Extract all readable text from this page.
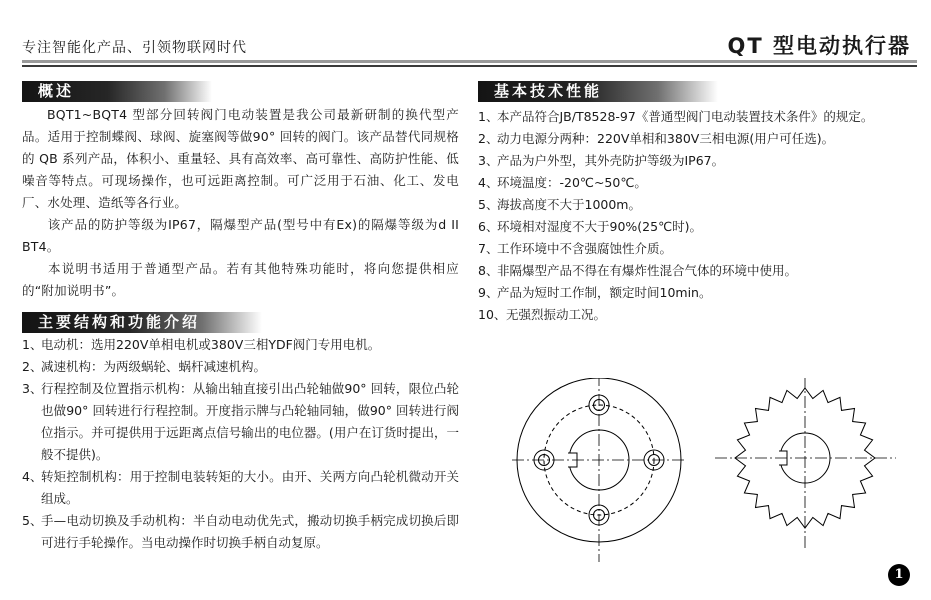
专注智能化产品、引领物联网时代	QT 型电动执行器
概述
BQT1~BQT4 型部分回转阀门电动装置是我公司最新研制的换代型产品。适用于控制蝶阀、球阀、旋塞阀等做90° 回转的阀门。该产品替代同规格的 QB 系列产品，体积小、重量轻、具有高效率、高可靠性、高防护性能、低噪音等特点。可现场操作，也可远距离控制。可广泛用于石油、化工、发电厂、水处理、造纸等各行业。
该产品的防护等级为IP67，隔爆型产品(型号中有Ex)的隔爆等级为d II BT4。
本说明书适用于普通型产品。若有其他特殊功能时，将向您提供相应的“附加说明书”。
主要结构和功能介绍
1、
电动机：选用220V单相电机或380V三相YDF阀门专用电机。
2、
减速机构：为两级蜗轮、蜗杆减速机构。
3、
行程控制及位置指示机构：从输出轴直接引出凸轮轴做90° 回转，限位凸轮也做90° 回转进行行程控制。开度指示牌与凸轮轴同轴，做90° 回转进行阀位指示。并可提供用于远距离点信号输出的电位器。(用户在订货时提出，一般不提供)。
4、
转矩控制机构：用于控制电装转矩的大小。由开、关两方向凸轮机微动开关组成。
5、
手—电动切换及手动机构：半自动电动优先式，搬动切换手柄完成切换后即可进行手轮操作。当电动操作时切换手柄自动复原。
基本技术性能
1、
本产品符合JB/T8528-97《普通型阀门电动装置技术条件》的规定。
2、
动力电源分两种：220V单相和380V三相电源(用户可任选)。
3、
产品为户外型，其外壳防护等级为IP67。
4、
环境温度：-20℃~50℃。
5、
海拔高度不大于1000m。
6、
环境相对湿度不大于90%(25℃时)。
7、
工作环境中不含强腐蚀性介质。
8、
非隔爆型产品不得在有爆炸性混合气体的环境中使用。
9、
产品为短时工作制，额定时间10min。
10、 无强烈振动工况。
1
